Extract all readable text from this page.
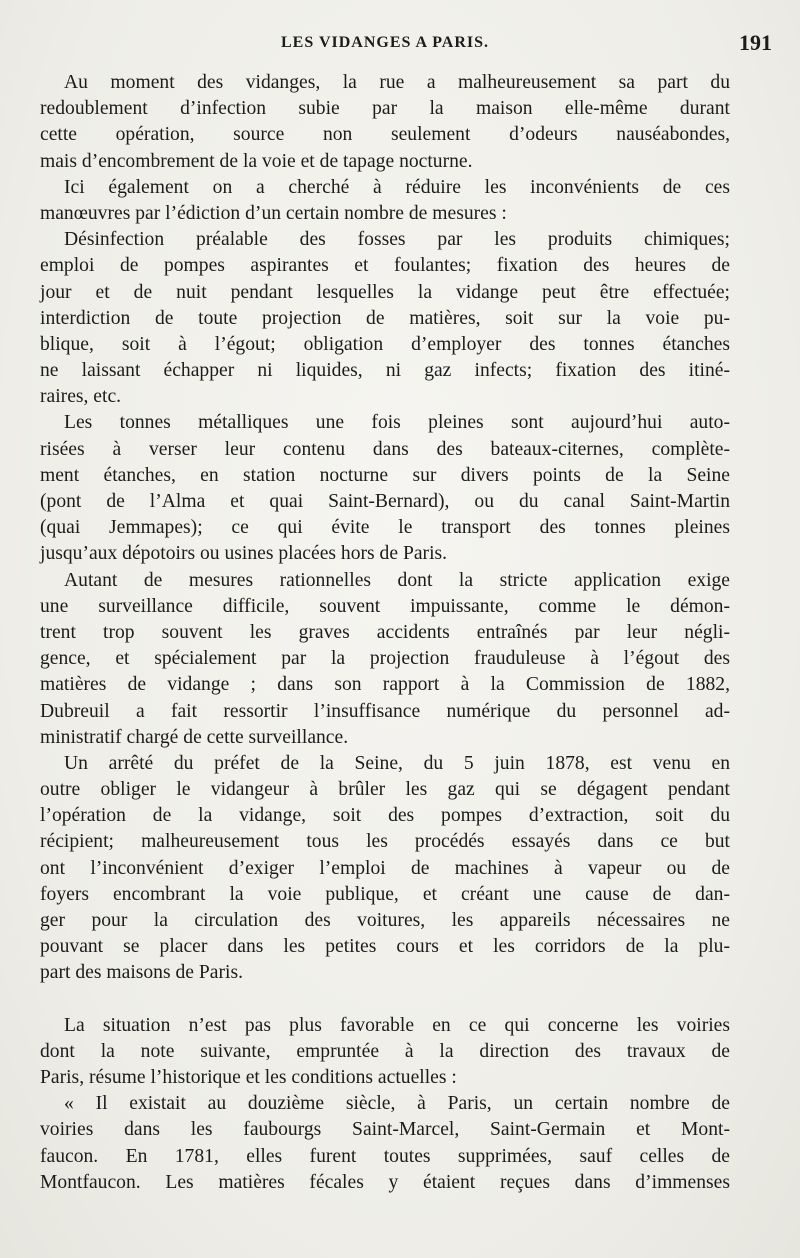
LES VIDANGES A PARIS.	191
Au moment des vidanges, la rue a malheureusement sa part du
redoublement d’infection subie par la maison elle-même durant
cette opération, source non seulement d’odeurs nauséabondes,
mais d’encombrement de la voie et de tapage nocturne.
Ici également on a cherché à réduire les inconvénients de ces
manœuvres par l’édiction d’un certain nombre de mesures :
Désinfection préalable des fosses par les produits chimiques;
emploi de pompes aspirantes et foulantes; fixation des heures de
jour et de nuit pendant lesquelles la vidange peut être effectuée;
interdiction de toute projection de matières, soit sur la voie pu-
blique, soit à l’égout; obligation d’employer des tonnes étanches
ne laissant échapper ni liquides, ni gaz infects; fixation des itiné-
raires, etc.
Les tonnes métalliques une fois pleines sont aujourd’hui auto-
risées à verser leur contenu dans des bateaux-citernes, complète-
ment étanches, en station nocturne sur divers points de la Seine
(pont de l’Alma et quai Saint-Bernard), ou du canal Saint-Martin
(quai Jemmapes); ce qui évite le transport des tonnes pleines
jusqu’aux dépotoirs ou usines placées hors de Paris.
Autant de mesures rationnelles dont la stricte application exige
une surveillance difficile, souvent impuissante, comme le démon-
trent trop souvent les graves accidents entraînés par leur négli-
gence, et spécialement par la projection frauduleuse à l’égout des
matières de vidange ; dans son rapport à la Commission de 1882,
Dubreuil a fait ressortir l’insuffisance numérique du personnel ad-
ministratif chargé de cette surveillance.
Un arrêté du préfet de la Seine, du 5 juin 1878, est venu en
outre obliger le vidangeur à brûler les gaz qui se dégagent pendant
l’opération de la vidange, soit des pompes d’extraction, soit du
récipient; malheureusement tous les procédés essayés dans ce but
ont l’inconvénient d’exiger l’emploi de machines à vapeur ou de
foyers encombrant la voie publique, et créant une cause de dan-
ger pour la circulation des voitures, les appareils nécessaires ne
pouvant se placer dans les petites cours et les corridors de la plu-
part des maisons de Paris.
La situation n’est pas plus favorable en ce qui concerne les voiries
dont la note suivante, empruntée à la direction des travaux de
Paris, résume l’historique et les conditions actuelles :
« Il existait au douzième siècle, à Paris, un certain nombre de
voiries dans les faubourgs Saint-Marcel, Saint-Germain et Mont-
faucon. En 1781, elles furent toutes supprimées, sauf celles de
Montfaucon. Les matières fécales y étaient reçues dans d’immenses
